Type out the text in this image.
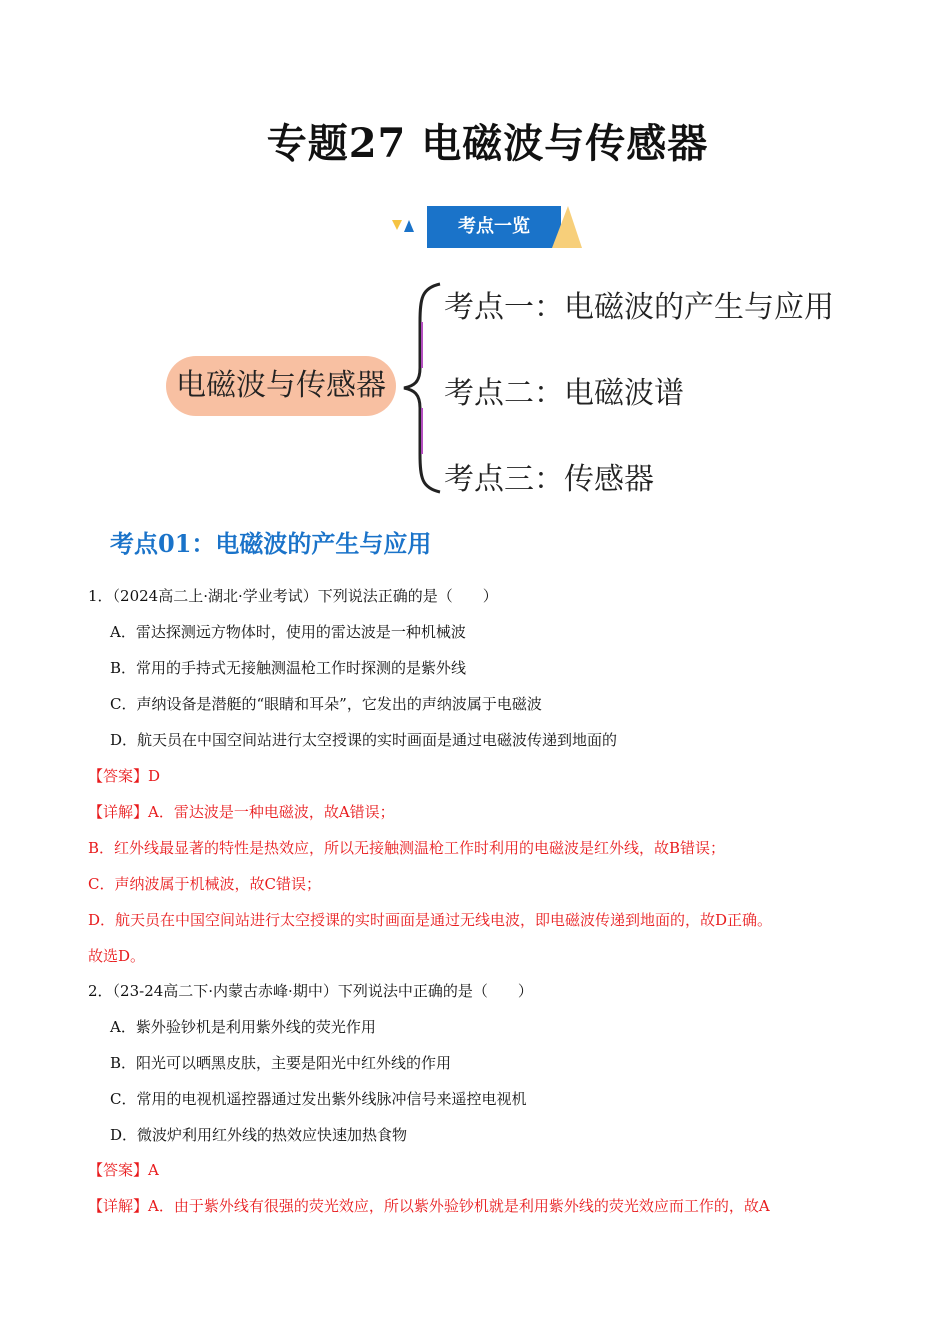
专题27 电磁波与传感器
考点一览
电磁波与传感器
考点一：电磁波的产生与应用
考点二：电磁波谱
考点三：传感器
考点01：电磁波的产生与应用
1．（2024高二上·湖北·学业考试）下列说法正确的是（　　）
A．雷达探测远方物体时，使用的雷达波是一种机械波
B．常用的手持式无接触测温枪工作时探测的是紫外线
C．声纳设备是潜艇的“眼睛和耳朵”，它发出的声纳波属于电磁波
D．航天员在中国空间站进行太空授课的实时画面是通过电磁波传递到地面的
【答案】D
【详解】A．雷达波是一种电磁波，故A错误；
B．红外线最显著的特性是热效应，所以无接触测温枪工作时利用的电磁波是红外线，故B错误；
C．声纳波属于机械波，故C错误；
D．航天员在中国空间站进行太空授课的实时画面是通过无线电波，即电磁波传递到地面的，故D正确。
故选D。
2．（23-24高二下·内蒙古赤峰·期中）下列说法中正确的是（　　）
A．紫外验钞机是利用紫外线的荧光作用
B．阳光可以晒黑皮肤，主要是阳光中红外线的作用
C．常用的电视机遥控器通过发出紫外线脉冲信号来遥控电视机
D．微波炉利用红外线的热效应快速加热食物
【答案】A
【详解】A．由于紫外线有很强的荧光效应，所以紫外验钞机就是利用紫外线的荧光效应而工作的，故A
